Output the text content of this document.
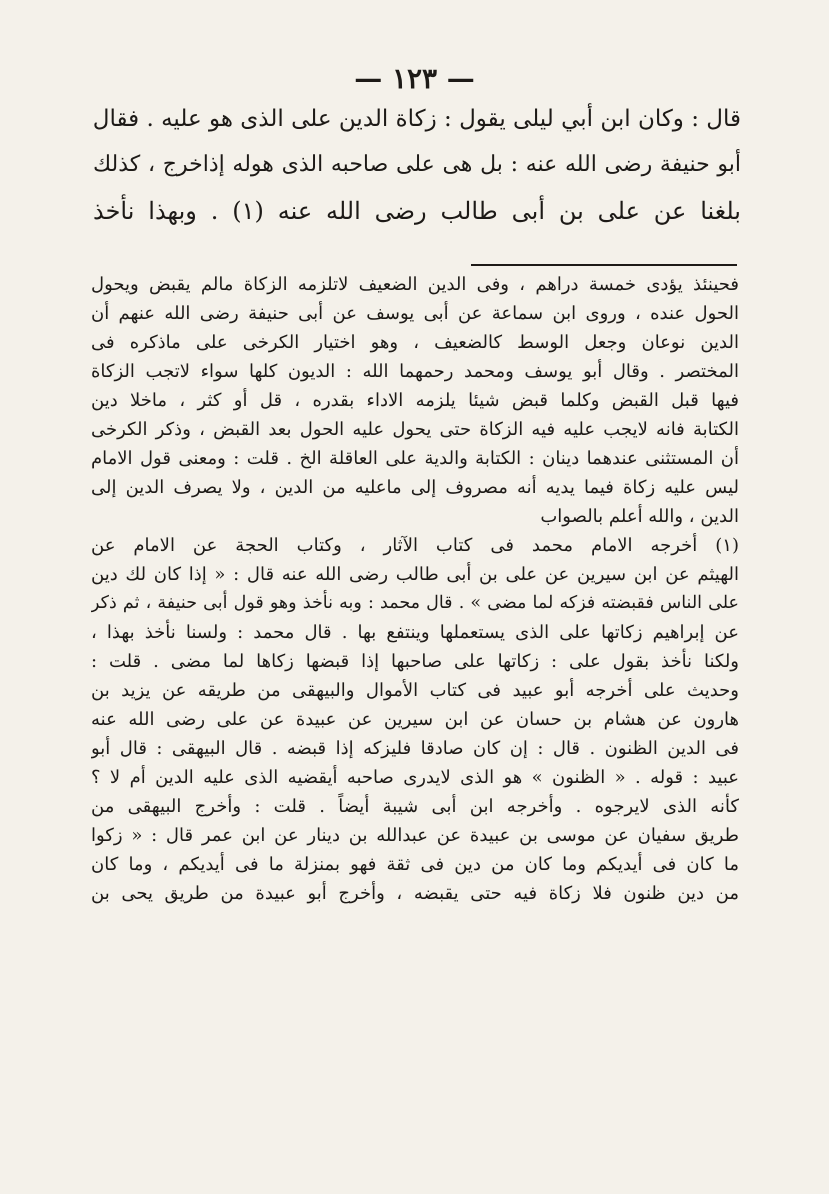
— ١٢٣ —
قال : وكان ابن أبي ليلى يقول : زكاة الدين على الذى هو عليه . فقال
أبو حنيفة رضى الله عنه : بل هى على صاحبه الذى هوله إذاخرج ، كذلك
بلغنا عن على بن أبى طالب رضى الله عنه (١) . وبهذا نأخذ
فحينئذ يؤدى خمسة دراهم ، وفى الدين الضعيف لاتلزمه الزكاة مالم يقبض ويحول
الحول عنده ، وروى ابن سماعة عن أبى يوسف عن أبى حنيفة رضى الله عنهم أن
الدين نوعان وجعل الوسط كالضعيف ، وهو اختيار الكرخى على ماذكره فى
المختصر . وقال أبو يوسف ومحمد رحمهما الله : الديون كلها سواء لاتجب الزكاة
فيها قبل القبض وكلما قبض شيئا يلزمه الاداء بقدره ، قل أو كثر ، ماخلا دين
الكتابة فانه لايجب عليه فيه الزكاة حتى يحول عليه الحول بعد القبض ، وذكر الكرخى
أن المستثنى عندهما دينان : الكتابة والدية على العاقلة الخ . قلت : ومعنى قول الامام
ليس عليه زكاة فيما يديه أنه مصروف إلى ماعليه من الدين ، ولا يصرف الدين إلى
الدين ، والله أعلم بالصواب
(١) أخرجه الامام محمد فى كتاب الآثار ، وكتاب الحجة عن الامام عن
الهيثم عن ابن سيرين عن على بن أبى طالب رضى الله عنه قال : « إذا كان لك دين
على الناس فقبضته فزكه لما مضى » . قال محمد : وبه نأخذ وهو قول أبى حنيفة ، ثم ذكر
عن إبراهيم زكاتها على الذى يستعملها وينتفع بها . قال محمد : ولسنا نأخذ بهذا ،
ولكنا نأخذ بقول على : زكاتها على صاحبها إذا قبضها زكاها لما مضى . قلت :
وحديث على أخرجه أبو عبيد فى كتاب الأموال والبيهقى من طريقه عن يزيد بن
هارون عن هشام بن حسان عن ابن سيرين عن عبيدة عن على رضى الله عنه
فى الدين الظنون . قال : إن كان صادقا فليزكه إذا قبضه . قال البيهقى : قال أبو
عبيد : قوله . « الظنون » هو الذى لايدرى صاحبه أيقضيه الذى عليه الدين أم لا ؟
كأنه الذى لايرجوه . وأخرجه ابن أبى شيبة أيضاً . قلت : وأخرج البيهقى من
طريق سفيان عن موسى بن عبيدة عن عبدالله بن دينار عن ابن عمر قال : « زكوا
ما كان فى أيديكم وما كان من دين فى ثقة فهو بمنزلة ما فى أيديكم ، وما كان
من دين ظنون فلا زكاة فيه حتى يقبضه ، وأخرج أبو عبيدة من طريق يحى بن
